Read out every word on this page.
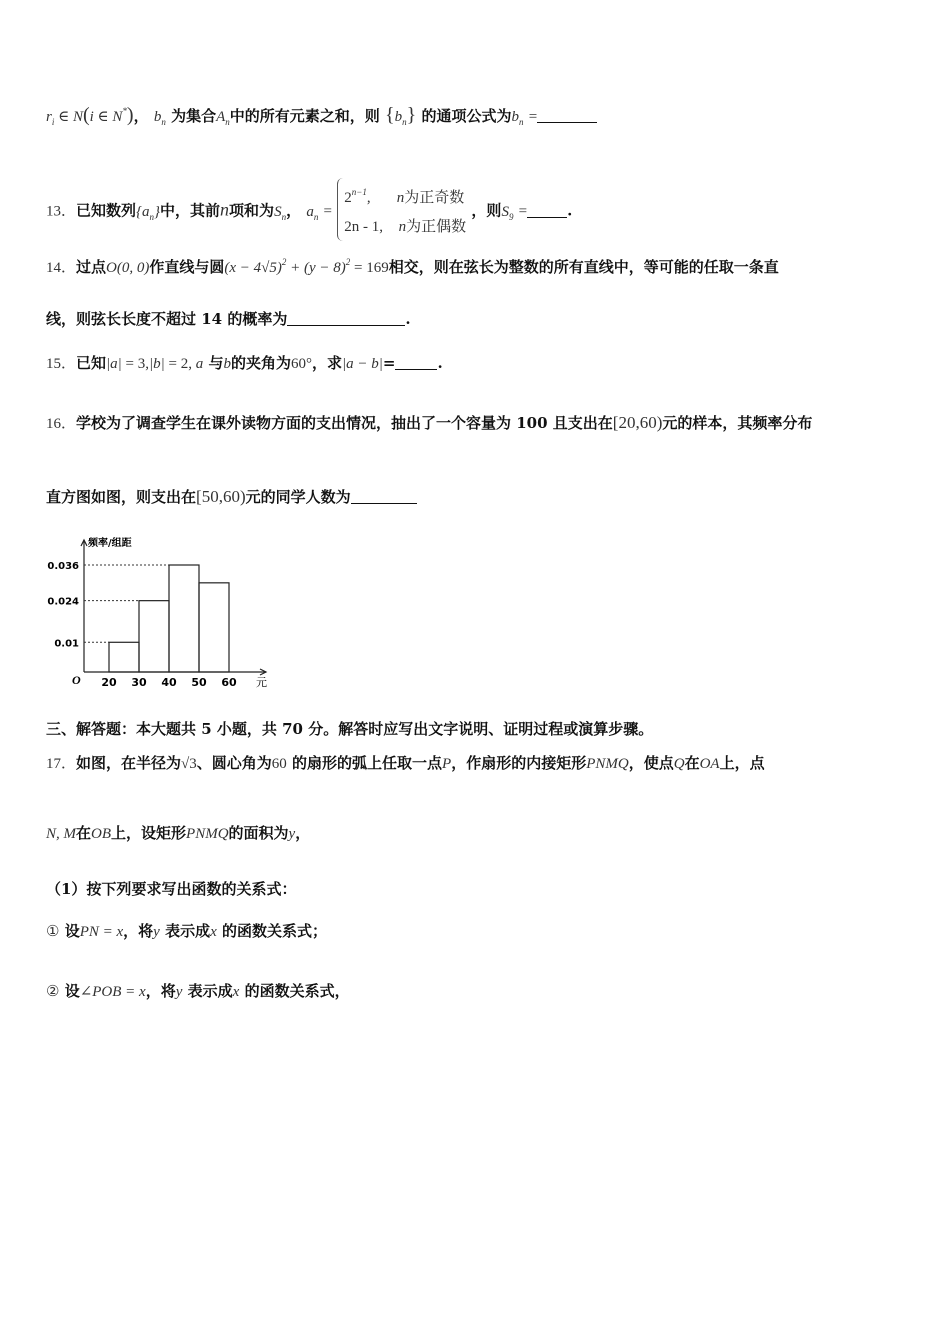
$r_i$ ∈ N(i ∈ N*)， $b_n$ 为集合$A_n$中的所有元素之和，则 $\{b_n\}$ 的通项公式为$b_n$ =
13．已知数列$\{a_n\}$中，其前n项和为$S_n$， $a_n$ =
$2^{n-1}$, n为正奇数
2n - 1, n为正偶数
，则$S_9$ =	.
14．过点O(0, 0)作直线与圆$(x - 4√5)^2 + (y - 8)^2 = 169$相交，则在弦长为整数的所有直线中，等可能的任取一条直
线，则弦长长度不超过 14 的概率为	.
15．已知|a| = 3,|b| = 2, a 与b的夹角为60°，求|a − b|=	.
16．学校为了调查学生在课外读物方面的支出情况，抽出了一个容量为 100 且支出在[20,60)元的样本，其频率分布
直方图如图，则支出在[50,60)元的同学人数为
频率/组距
元
O
0.01
0.024
0.036
20 30 40 50 60
三、解答题：本大题共 5 小题，共 70 分。解答时应写出文字说明、证明过程或演算步骤。
17．如图，在半径为√3、圆心角为60 的扇形的弧上任取一点P，作扇形的内接矩形PNMQ，使点Q在OA上，点
N, M在OB上，设矩形PNMQ的面积为y，
（1）按下列要求写出函数的关系式：
① 设PN = x，将y 表示成x 的函数关系式；
② 设∠POB = x，将y 表示成x 的函数关系式，
